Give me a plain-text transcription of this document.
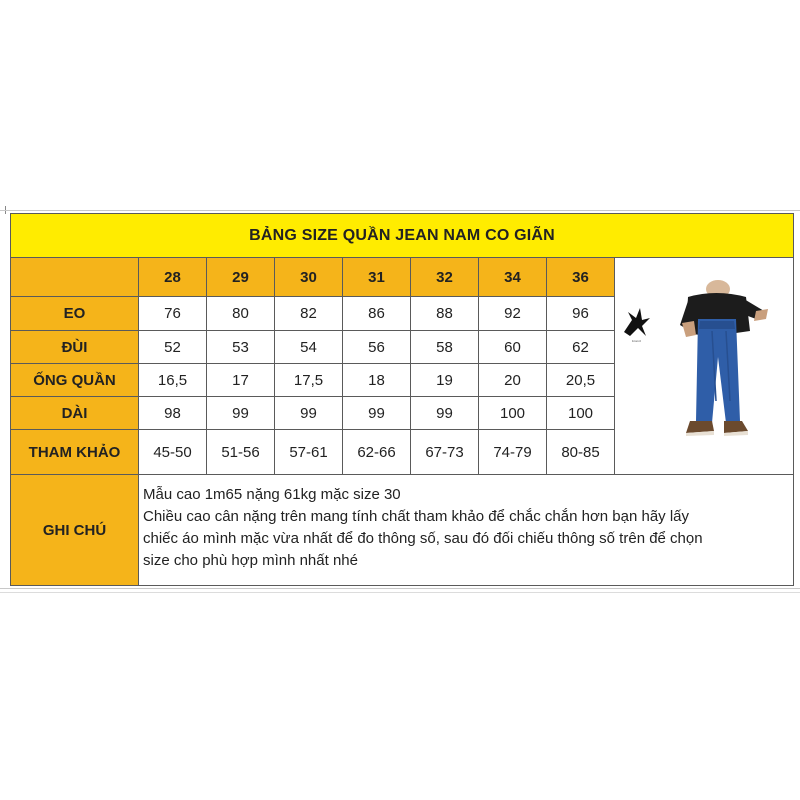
BẢNG SIZE QUẦN JEAN NAM CO GIÃN								
	28	29	30	31	32	34	36	brand

EO	76	80	82	86	88	92	96	
ĐÙI	52	53	54	56	58	60	62	
ỐNG QUẦN	16,5	17	17,5	18	19	20	20,5	
DÀI	98	99	99	99	99	100	100	
THAM KHẢO	45-50	51-56	57-61	62-66	67-73	74-79	80-85	
GHI CHÚ	Mẫu cao 1m65 nặng 61kg mặc size 30
Chiều cao cân nặng trên mang tính chất tham khảo để chắc chắn hơn bạn hãy lấy
chiếc áo mình mặc vừa nhất để đo thông số, sau đó đối chiếu thông số trên để chọn
size cho phù hợp mình nhất nhé							
